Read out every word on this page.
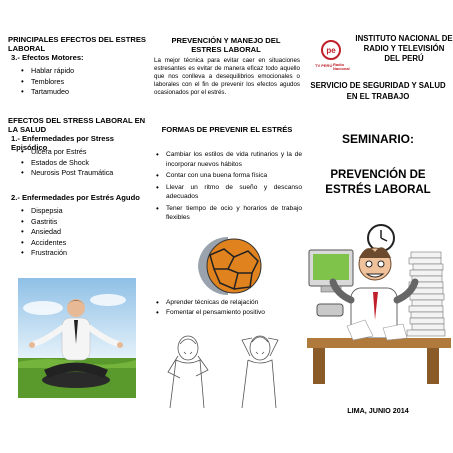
PRINCIPALES EFECTOS DEL ESTRES LABORAL
3.- Efectos Motores:
• Hablar rápido
• Temblores
• Tartamudeo
EFECTOS DEL STRESS LABORAL EN LA SALUD
1.- Enfermedades por Stress Episódico
• Ulcera por Estrés
• Estados de Shock
• Neurosis Post Traumática
2.- Enfermedades por Estrés Agudo
• Dispepsia
• Gastritis
• Ansiedad
• Accidentes
• Frustración
PREVENCIÓN Y MANEJO DEL ESTRES LABORAL
La mejor técnica para evitar caer en situaciones estresantes es evitar de manera eficaz todo aquello que nos conlleva a desequilibrios emocionales o laborales con el fin de prevenir los efectos agudos ocasionados por el estrés.
FORMAS DE PREVENIR EL ESTRÉS
• Cambiar los estilos de vida rutinarios y la de incorporar nuevos hábitos
• Contar con una buena forma física
• Llevar un ritmo de sueño y descanso adecuados
• Tener tiempo de ocio y horarios de trabajo flexibles
• Aprender técnicas de relajación
• Fomentar el pensamiento positivo
pe
TV PERÚ Radio Nacional
INSTITUTO NACIONAL DE RADIO Y TELEVISIÓN DEL PERÚ
SERVICIO DE SEGURIDAD Y SALUD EN EL TRABAJO
SEMINARIO:
PREVENCIÓN DE ESTRÉS LABORAL
LIMA, JUNIO 2014
